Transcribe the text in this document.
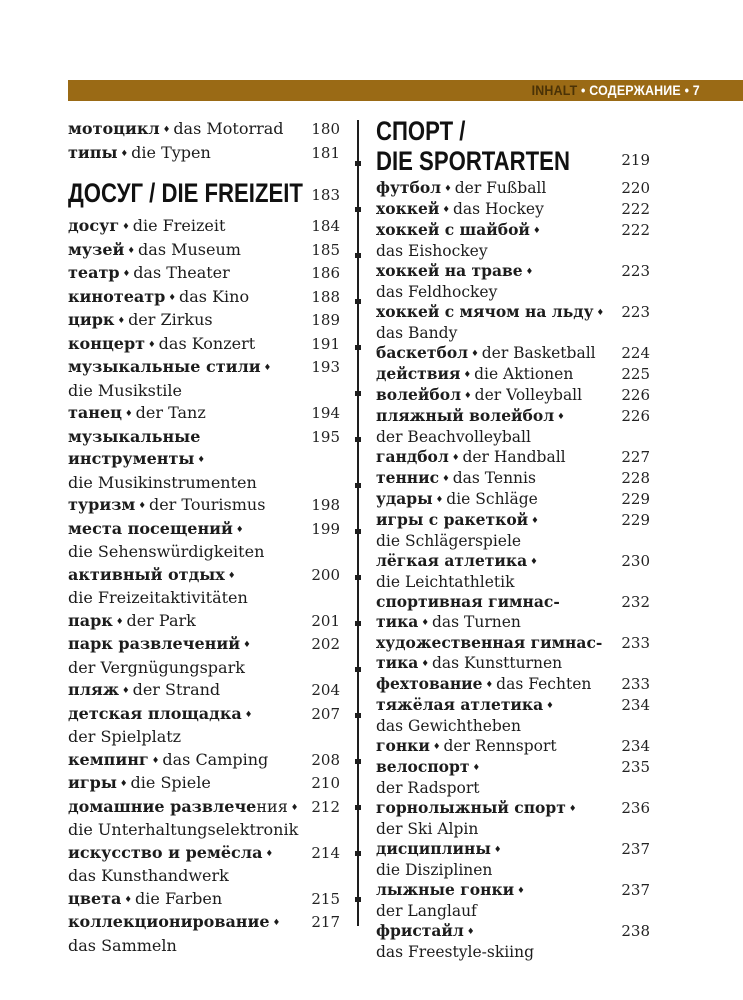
INHALT • СОДЕРЖАНИЕ • 7
мотоцикл ♦ das Motorrad	180
типы ♦ die Typen	181
ДОСУГ / DIE FREIZEIT 183
досуг ♦ die Freizeit	184
музей ♦ das Museum	185
театр ♦ das Theater	186
кинотеатр ♦ das Kino	188
цирк ♦ der Zirkus	189
концерт ♦ das Konzert	191
музыкальные стили ♦
die Musikstile
193
танец ♦ der Tanz	194
музыкальные
инструменты ♦
die Musikinstrumenten
195
туризм ♦ der Tourismus	198
места посещений ♦
die Sehenswürdigkeiten
199
активный отдых ♦
die Freizeitaktivitäten
200
парк ♦ der Park	201
парк развлечений ♦
der Vergnügungspark
202
пляж ♦ der Strand	204
детская площадка ♦
der Spielplatz
207
кемпинг ♦ das Camping	208
игры ♦ die Spiele	210
домашние развлечения ♦
die Unterhaltungselektronik
212
искусство и ремёсла ♦
das Kunsthandwerk
214
цвета ♦ die Farben	215
коллекционирование ♦
das Sammeln
217
СПОРТ /
DIE SPORTARTEN	219
футбол ♦ der Fußball	220
хоккей ♦ das Hockey	222
хоккей с шайбой ♦
das Eishockey
222
хоккей на траве ♦
das Feldhockey
223
хоккей с мячом на льду ♦
das Bandy
223
баскетбол ♦ der Basketball	224
действия ♦ die Aktionen	225
волейбол ♦ der Volleyball	226
пляжный волейбол ♦
der Beachvolleyball
226
гандбол ♦ der Handball	227
теннис ♦ das Tennis	228
удары ♦ die Schläge	229
игры с ракеткой ♦
die Schlägerspiele
229
лёгкая атлетика ♦
die Leichtathletik
230
спортивная гимнас-
тика ♦ das Turnen
232
художественная гимнас-
тика ♦ das Kunstturnen
233
фехтование ♦ das Fechten	233
тяжёлая атлетика ♦
das Gewichtheben
234
гонки ♦ der Rennsport	234
велоспорт ♦
der Radsport
235
горнолыжный спорт ♦
der Ski Alpin
236
дисциплины ♦
die Disziplinen
237
лыжные гонки ♦
der Langlauf
237
фристайл ♦
das Freestyle-skiing
238
